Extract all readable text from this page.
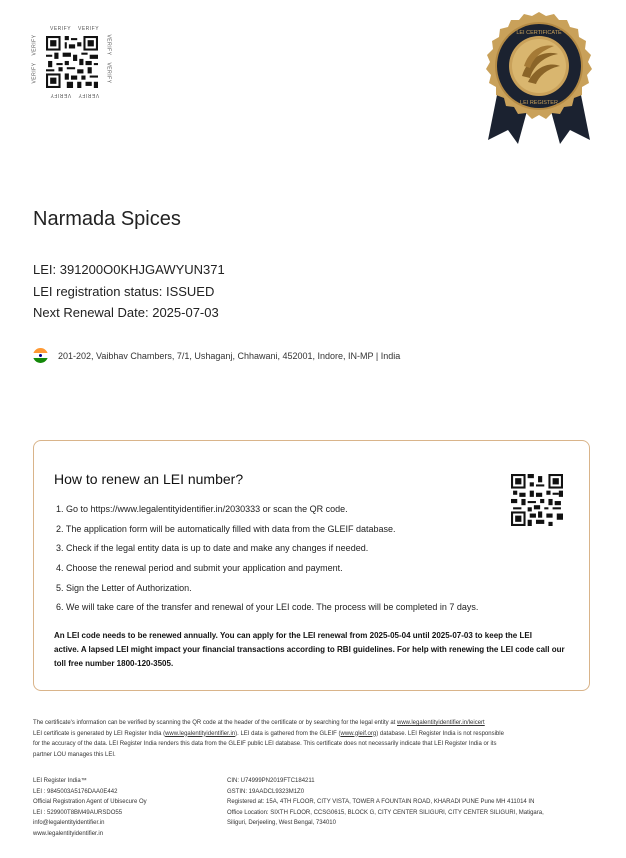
VERIFY VERIFY
VERIFY VERIFY
VERIFY
VERIFY
VERIFY
VERIFY
LEI CERTIFICATE
LEI REGISTER
Narmada Spices
LEI: 391200O0KHJGAWYUN371
LEI registration status: ISSUED
Next Renewal Date: 2025-07-03
201-202, Vaibhav Chambers, 7/1, Ushaganj, Chhawani, 452001, Indore, IN-MP | India
How to renew an LEI number?
1. Go to https://www.legalentityidentifier.in/2030333 or scan the QR code.
2. The application form will be automatically filled with data from the GLEIF database.
3. Check if the legal entity data is up to date and make any changes if needed.
4. Choose the renewal period and submit your application and payment.
5. Sign the Letter of Authorization.
6. We will take care of the transfer and renewal of your LEI code. The process will be completed in 7 days.
An LEI code needs to be renewed annually. You can apply for the LEI renewal from 2025-05-04 until 2025-07-03 to keep the LEI
active. A lapsed LEI might impact your financial transactions according to RBI guidelines. For help with renewing the LEI code call our
toll free number 1800-120-3505.
The certificate's information can be verified by scanning the QR code at the header of the certificate or by searching for the legal entity at www.legalentityidentifier.in/leicert
LEI certificate is generated by LEI Register India (www.legalentityidentifier.in). LEI data is gathered from the GLEIF (www.gleif.org) database. LEI Register India is not responsible
for the accuracy of the data. LEI Register India renders this data from the GLEIF public LEI database. This certificate does not necessarily indicate that LEI Register India or its
partner LOU manages this LEI.
LEI Register India™
LEI : 9845003A5176DAA0E442
Official Registration Agent of Ubisecure Oy
LEI : 529900T8BM49AURSDO55
info@legalentityidentifier.in
www.legalentityidentifier.in
CIN: U74999PN2019FTC184211
GSTIN: 19AADCL9323M1Z0
Registered at: 15A, 4TH FLOOR, CITY VISTA, TOWER A FOUNTAIN ROAD, KHARADI PUNE Pune MH 411014 IN
Office Location: SIXTH FLOOR, CCSG0615, BLOCK G, CITY CENTER SILIGURI, CITY CENTER SILIGURI, Matigara,
Siliguri, Derjeeling, West Bengal, 734010
